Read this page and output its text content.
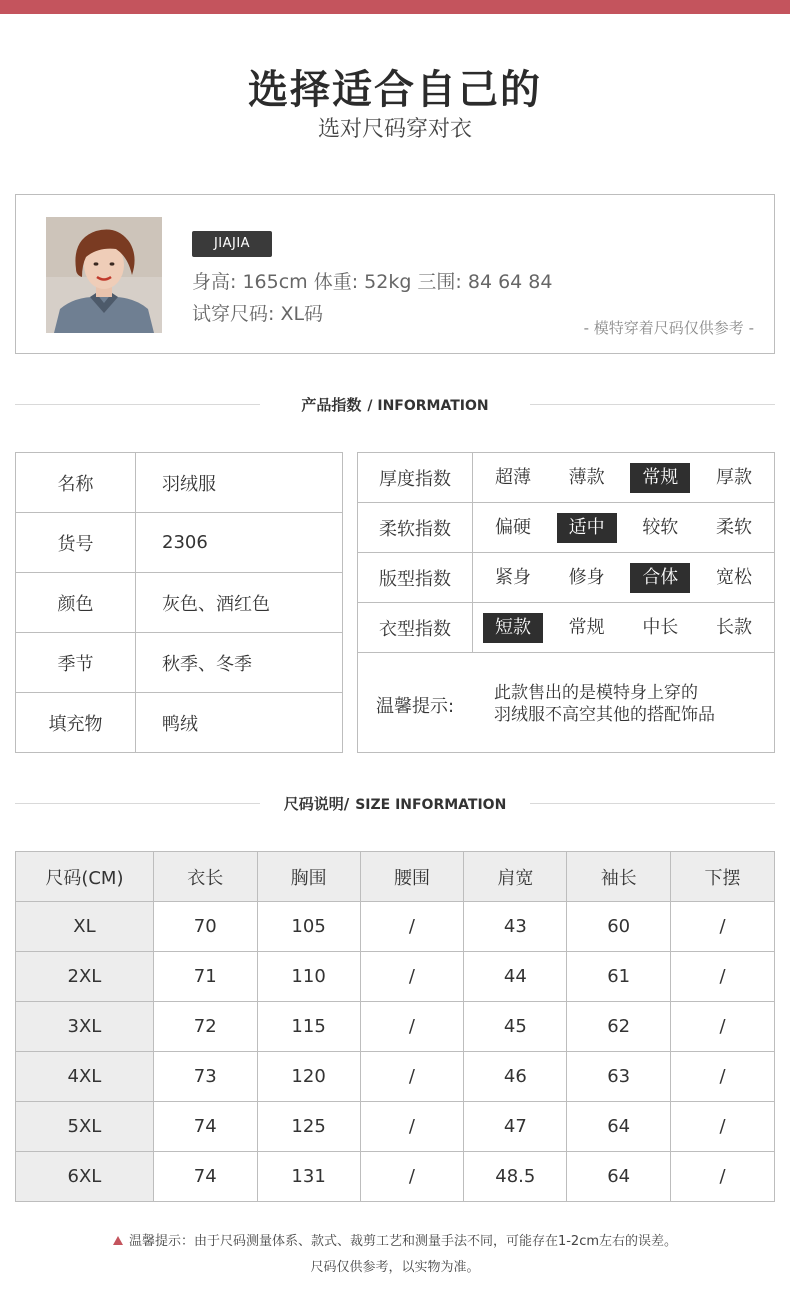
选择适合自己的
选对尺码穿对衣
JIAJIA
身高: 165cm 体重: 52kg 三围: 84 64 84
试穿尺码: XL码
- 模特穿着尺码仅供参考 -
产品指数 / INFORMATION
名称	羽绒服
货号	2306
颜色	灰色、酒红色
季节	秋季、冬季
填充物	鸭绒
厚度指数	超薄 薄款 常规 厚款

柔软指数	偏硬 适中 较软 柔软

版型指数	紧身 修身 合体 宽松

衣型指数	短款 常规 中长 长款

温馨提示:
此款售出的是模特身上穿的
羽绒服不高空其他的搭配饰品	
尺码说明/ SIZE INFORMATION
尺码(CM)	衣长	胸围	腰围	肩宽	袖长	下摆
XL	70	105	/	43	60	/
2XL	71	110	/	44	61	/
3XL	72	115	/	45	62	/
4XL	73	120	/	46	63	/
5XL	74	125	/	47	64	/
6XL	74	131	/	48.5	64	/
温馨提示：由于尺码测量体系、款式、裁剪工艺和测量手法不同，可能存在1-2cm左右的误差。
尺码仅供参考，以实物为准。
